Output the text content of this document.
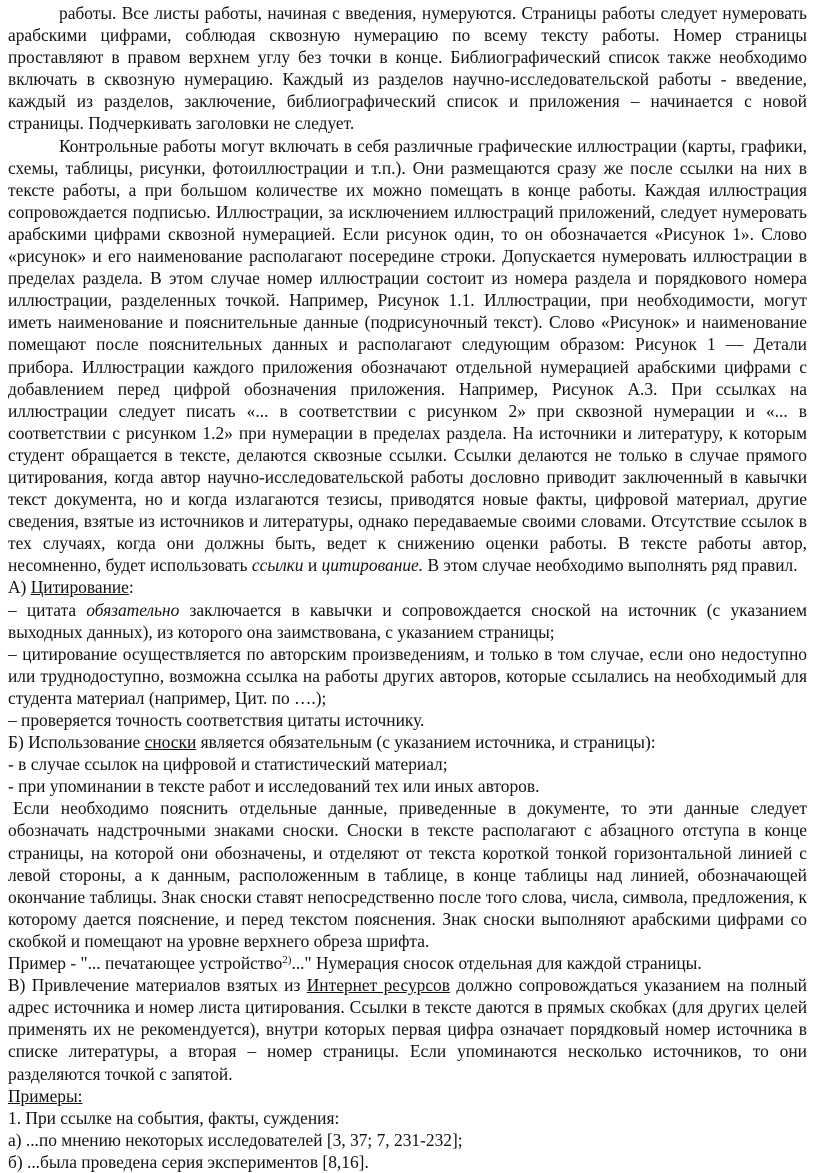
работы. Все листы работы, начиная с введения, нумеруются. Страницы работы следует нумеровать арабскими цифрами, соблюдая сквозную нумерацию по всему тексту работы. Номер страницы проставляют в правом верхнем углу без точки в конце. Библиографический список также необходимо включать в сквозную нумерацию. Каждый из разделов научно-исследовательской работы - введение, каждый из разделов, заключение, библиографический список и приложения – начинается с новой страницы. Подчеркивать заголовки не следует.

Контрольные работы могут включать в себя различные графические иллюстрации (карты, графики, схемы, таблицы, рисунки, фотоиллюстрации и т.п.). Они размещаются сразу же после ссылки на них в тексте работы, а при большом количестве их можно помещать в конце работы. Каждая иллюстрация сопровождается подписью. Иллюстрации, за исключением иллюстраций приложений, следует нумеровать арабскими цифрами сквозной нумерацией. Если рисунок один, то он обозначается «Рисунок 1». Слово «рисунок» и его наименование располагают посередине строки. Допускается нумеровать иллюстрации в пределах раздела. В этом случае номер иллюстрации состоит из номера раздела и порядкового номера иллюстрации, разделенных точкой. Например, Рисунок 1.1. Иллюстрации, при необходимости, могут иметь наименование и пояснительные данные (подрисуночный текст). Слово «Рисунок» и наименование помещают после пояснительных данных и располагают следующим образом: Рисунок 1 — Детали прибора. Иллюстрации каждого приложения обозначают отдельной нумерацией арабскими цифрами с добавлением перед цифрой обозначения приложения. Например, Рисунок А.3. При ссылках на иллюстрации следует писать «... в соответствии с рисунком 2» при сквозной нумерации и «... в соответствии с рисунком 1.2» при нумерации в пределах раздела. На источники и литературу, к которым студент обращается в тексте, делаются сквозные ссылки. Ссылки делаются не только в случае прямого цитирования, когда автор научно-исследовательской работы дословно приводит заключенный в кавычки текст документа, но и когда излагаются тезисы, приводятся новые факты, цифровой материал, другие сведения, взятые из источников и литературы, однако передаваемые своими словами. Отсутствие ссылок в тех случаях, когда они должны быть, ведет к снижению оценки работы. В тексте работы автор, несомненно, будет использовать ссылки и цитирование. В этом случае необходимо выполнять ряд правил.

А) Цитирование:

– цитата обязательно заключается в кавычки и сопровождается сноской на источник (с указанием выходных данных), из которого она заимствована, с указанием страницы;

– цитирование осуществляется по авторским произведениям, и только в том случае, если оно недоступно или труднодоступно, возможна ссылка на работы других авторов, которые ссылались на необходимый для студента материал (например, Цит. по ….);

– проверяется точность соответствия цитаты источнику.

Б) Использование сноски является обязательным (с указанием источника, и страницы):

- в случае ссылок на цифровой и статистический материал;

- при упоминании в тексте работ и исследований тех или иных авторов.

Если необходимо пояснить отдельные данные, приведенные в документе, то эти данные следует обозначать надстрочными знаками сноски. Сноски в тексте располагают с абзацного отступа в конце страницы, на которой они обозначены, и отделяют от текста короткой тонкой горизонтальной линией с левой стороны, а к данным, расположенным в таблице, в конце таблицы над линией, обозначающей окончание таблицы. Знак сноски ставят непосредственно после того слова, числа, символа, предложения, к которому дается пояснение, и перед текстом пояснения. Знак сноски выполняют арабскими цифрами со скобкой и помещают на уровне верхнего обреза шрифта.

Пример - "... печатающее устройство$^{2)}$..." Нумерация сносок отдельная для каждой страницы.

В) Привлечение материалов взятых из Интернет ресурсов должно сопровождаться указанием на полный адрес источника и номер листа цитирования. Ссылки в тексте даются в прямых скобках (для других целей применять их не рекомендуется), внутри которых первая цифра означает порядковый номер источника в списке литературы, а вторая – номер страницы. Если упоминаются несколько источников, то они разделяются точкой с запятой.

Примеры:

1. При ссылке на события, факты, суждения:

а) ...по мнению некоторых исследователей [3, 37; 7, 231-232];

б) ...была проведена серия экспериментов [8,16].
